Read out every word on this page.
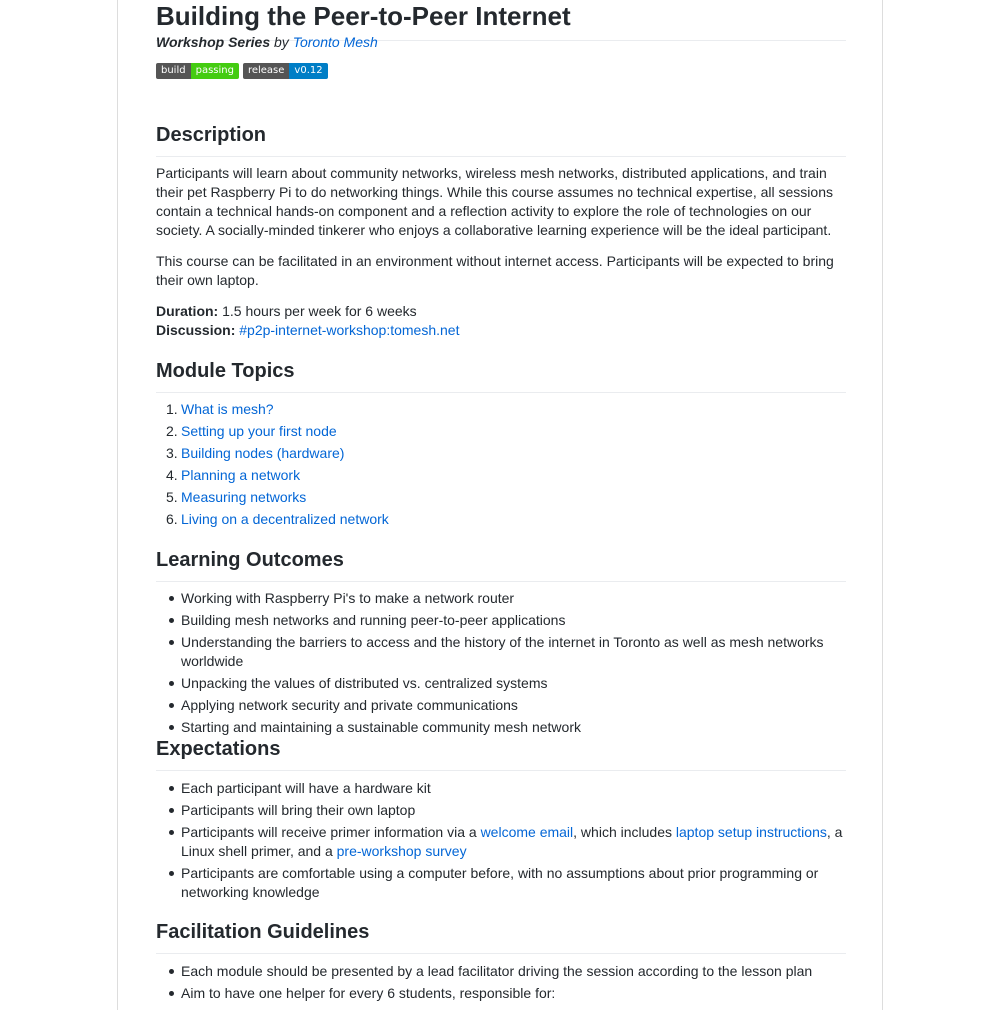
Building the Peer-to-Peer Internet
Workshop Series by Toronto Mesh
build	passing	release	v0.12
Description

Participants will learn about community networks, wireless mesh networks, distributed applications, and train their pet Raspberry Pi to do networking things. While this course assumes no technical expertise, all sessions contain a technical hands-on component and a reflection activity to explore the role of technologies on our society. A socially-minded tinkerer who enjoys a collaborative learning experience will be the ideal participant.

This course can be facilitated in an environment without internet access. Participants will be expected to bring their own laptop.

Duration: 1.5 hours per week for 6 weeks
Discussion: #p2p-internet-workshop:tomesh.net

Module Topics
1. What is mesh?
2. Setting up your first node
3. Building nodes (hardware)
4. Planning a network
5. Measuring networks
6. Living on a decentralized network
Learning Outcomes
Working with Raspberry Pi's to make a network router
Building mesh networks and running peer-to-peer applications
Understanding the barriers to access and the history of the internet in Toronto as well as mesh networks worldwide
Unpacking the values of distributed vs. centralized systems
Applying network security and private communications
Starting and maintaining a sustainable community mesh network
Expectations
Each participant will have a hardware kit
Participants will bring their own laptop
Participants will receive primer information via a welcome email, which includes laptop setup instructions, a Linux shell primer, and a pre-workshop survey
Participants are comfortable using a computer before, with no assumptions about prior programming or networking knowledge
Facilitation Guidelines
Each module should be presented by a lead facilitator driving the session according to the lesson plan
Aim to have one helper for every 6 students, responsible for:
